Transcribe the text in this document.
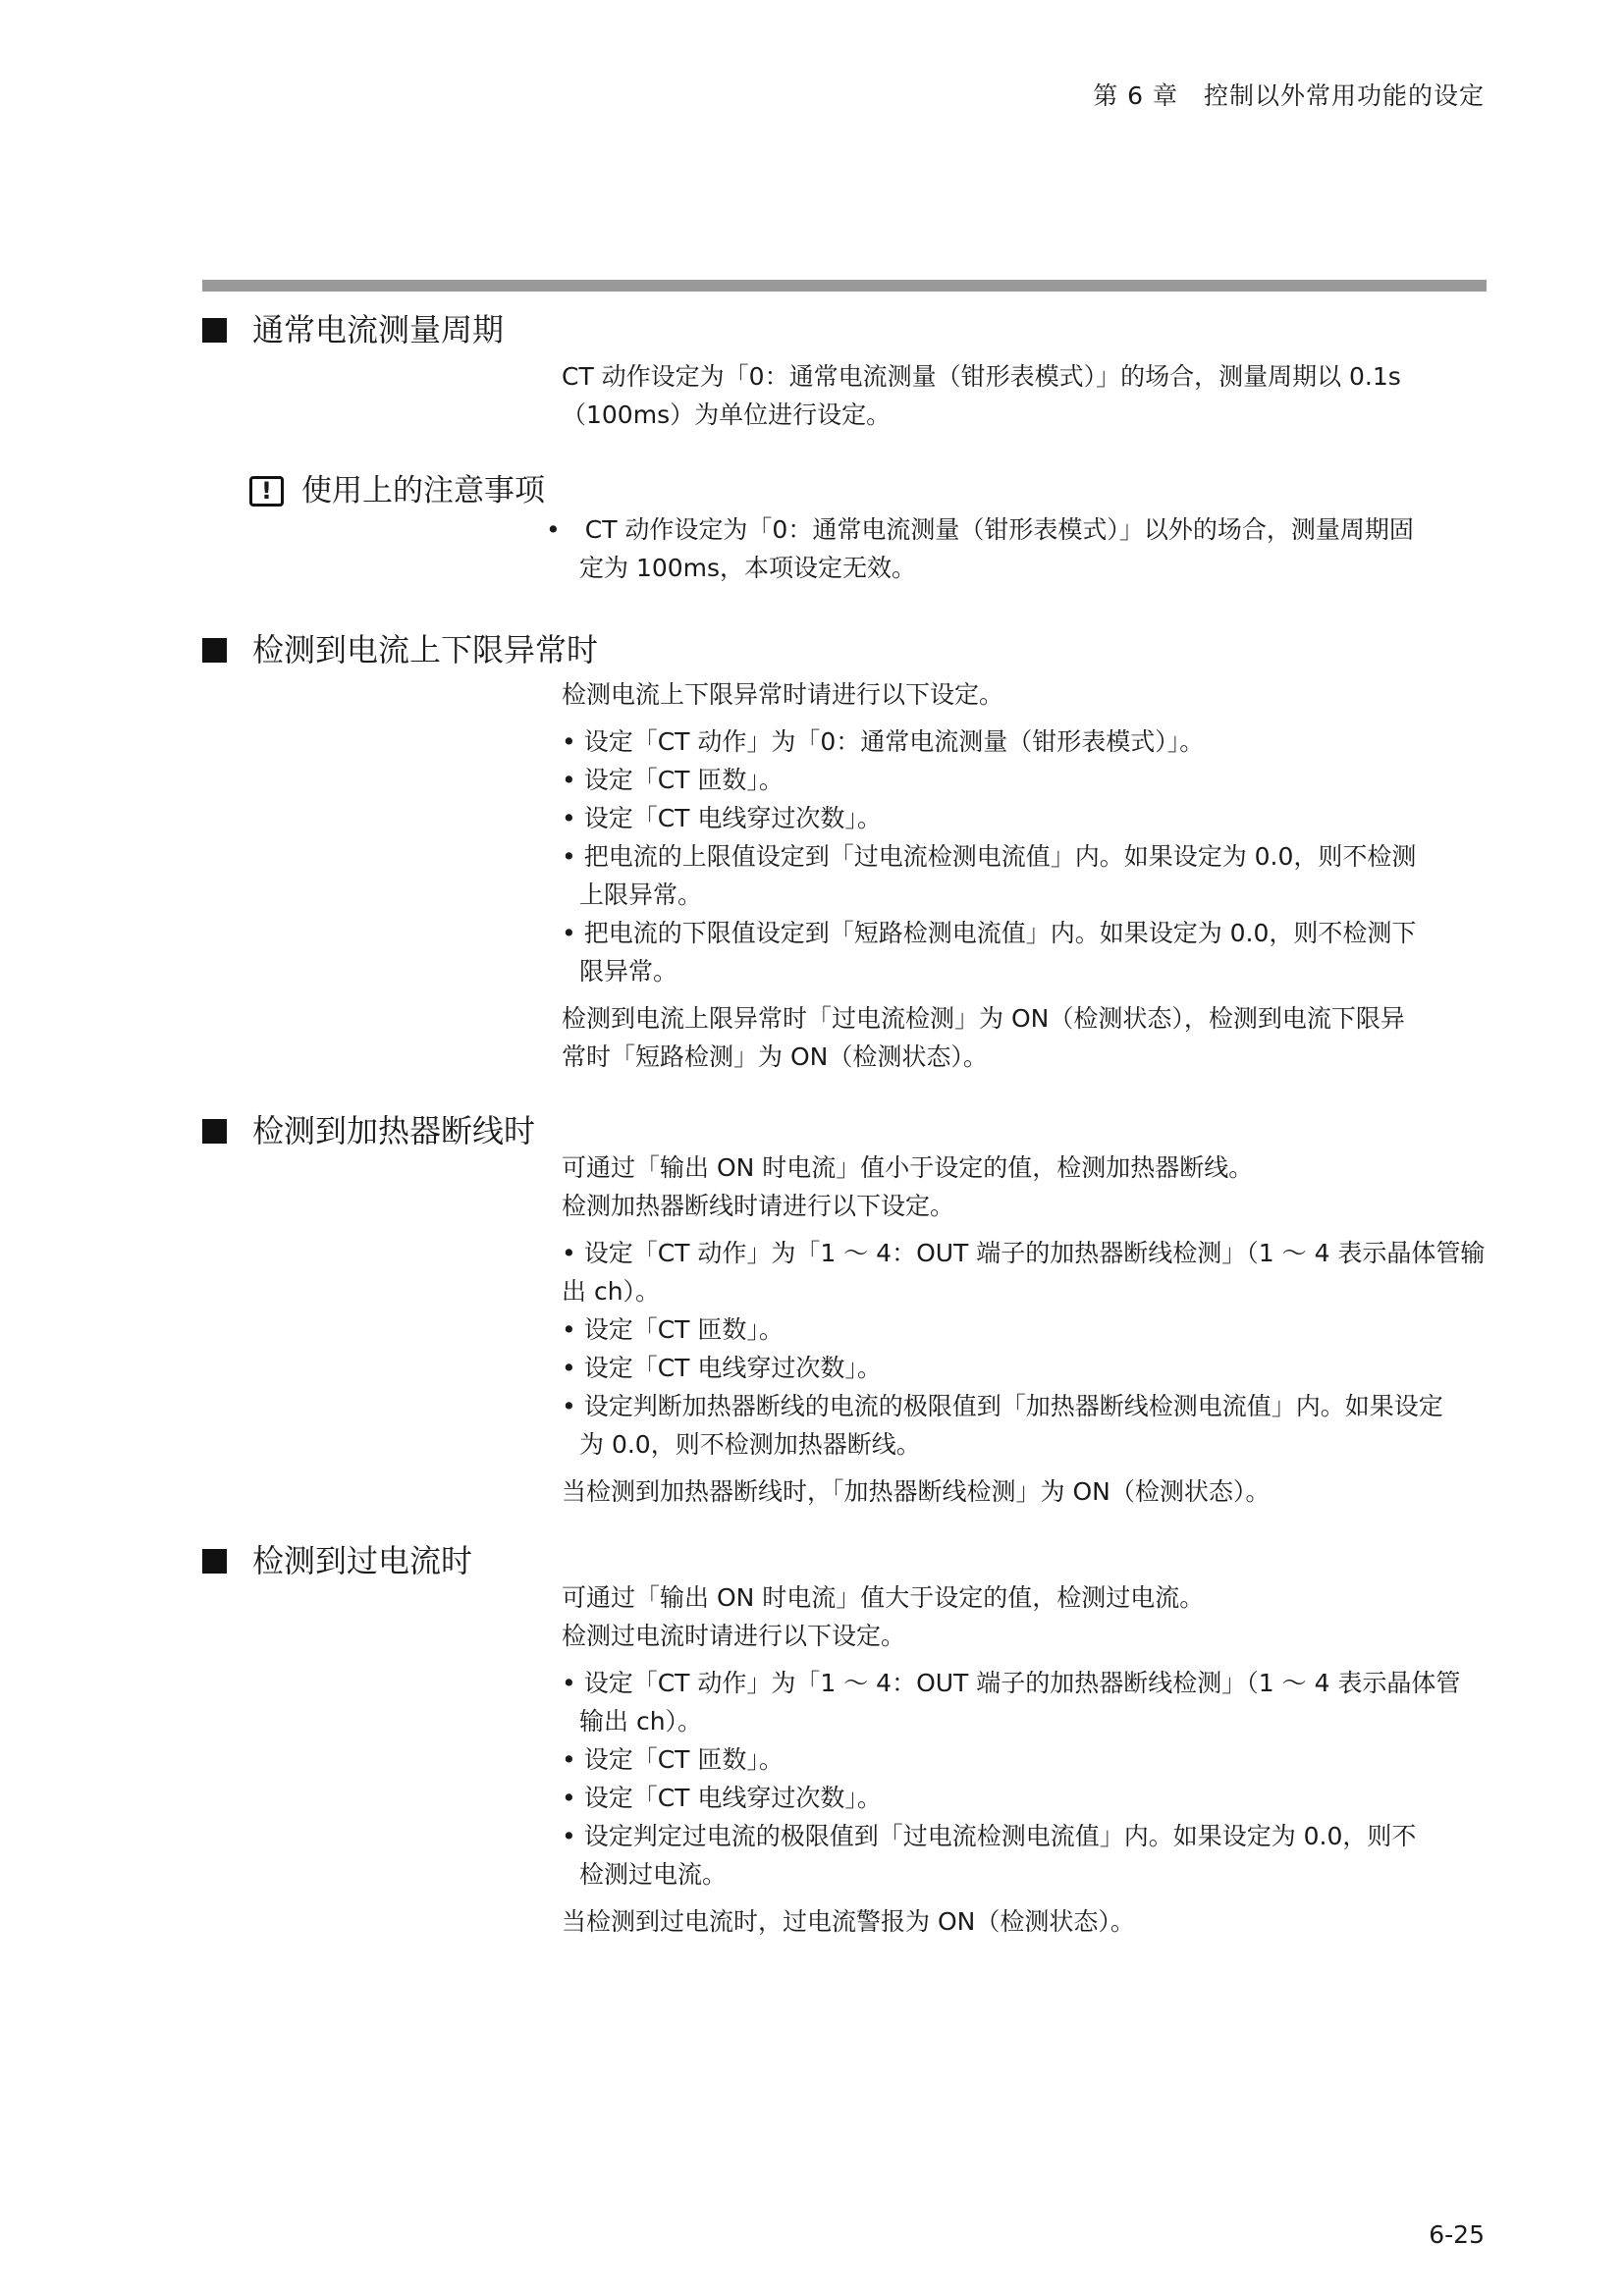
第 6 章　控制以外常用功能的设定
通常电流测量周期

CT 动作设定为「0：通常电流测量（钳形表模式）」的场合，测量周期以 0.1s

（100ms）为单位进行设定。

! 使用上的注意事项

•　CT 动作设定为「0：通常电流测量（钳形表模式）」以外的场合，测量周期固

定为 100ms，本项设定无效。

检测到电流上下限异常时

检测电流上下限异常时请进行以下设定。

• 设定「CT 动作」为「0：通常电流测量（钳形表模式）」。

• 设定「CT 匝数」。

• 设定「CT 电线穿过次数」。

• 把电流的上限值设定到「过电流检测电流值」内。如果设定为 0.0，则不检测

上限异常。

• 把电流的下限值设定到「短路检测电流值」内。如果设定为 0.0，则不检测下

限异常。

检测到电流上限异常时「过电流检测」为 ON（检测状态），检测到电流下限异

常时「短路检测」为 ON（检测状态）。

检测到加热器断线时

可通过「输出 ON 时电流」值小于设定的值，检测加热器断线。

检测加热器断线时请进行以下设定。

• 设定「CT 动作」为「1 ～ 4：OUT 端子的加热器断线检测」（1 ～ 4 表示晶体管输

出 ch）。

• 设定「CT 匝数」。

• 设定「CT 电线穿过次数」。

• 设定判断加热器断线的电流的极限值到「加热器断线检测电流值」内。如果设定

为 0.0，则不检测加热器断线。

当检测到加热器断线时，「加热器断线检测」为 ON（检测状态）。

检测到过电流时

可通过「输出 ON 时电流」值大于设定的值，检测过电流。

检测过电流时请进行以下设定。

• 设定「CT 动作」为「1 ～ 4：OUT 端子的加热器断线检测」（1 ～ 4 表示晶体管

输出 ch）。

• 设定「CT 匝数」。

• 设定「CT 电线穿过次数」。

• 设定判定过电流的极限值到「过电流检测电流值」内。如果设定为 0.0，则不

检测过电流。

当检测到过电流时，过电流警报为 ON（检测状态）。

6-25
